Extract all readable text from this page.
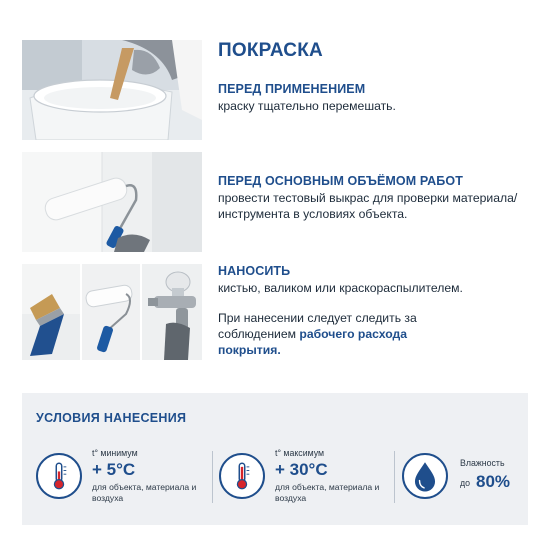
ПОКРАСКА
ПЕРЕД ПРИМЕНЕНИЕМ
краску тщательно перемешать.
ПЕРЕД ОСНОВНЫМ ОБЪЁМОМ РАБОТ
провести тестовый выкрас для проверки материала/инструмента в условиях объекта.
НАНОСИТЬ
кистью, валиком или краскораспылителем.
При нанесении следует следить за соблюдением рабочего расхода покрытия.
УСЛОВИЯ НАНЕСЕНИЯ
t° минимум
+ 5°C
для объекта, материала и воздуха
t° максимум
+ 30°C
для объекта, материала и воздуха
Влажность
до 80%
